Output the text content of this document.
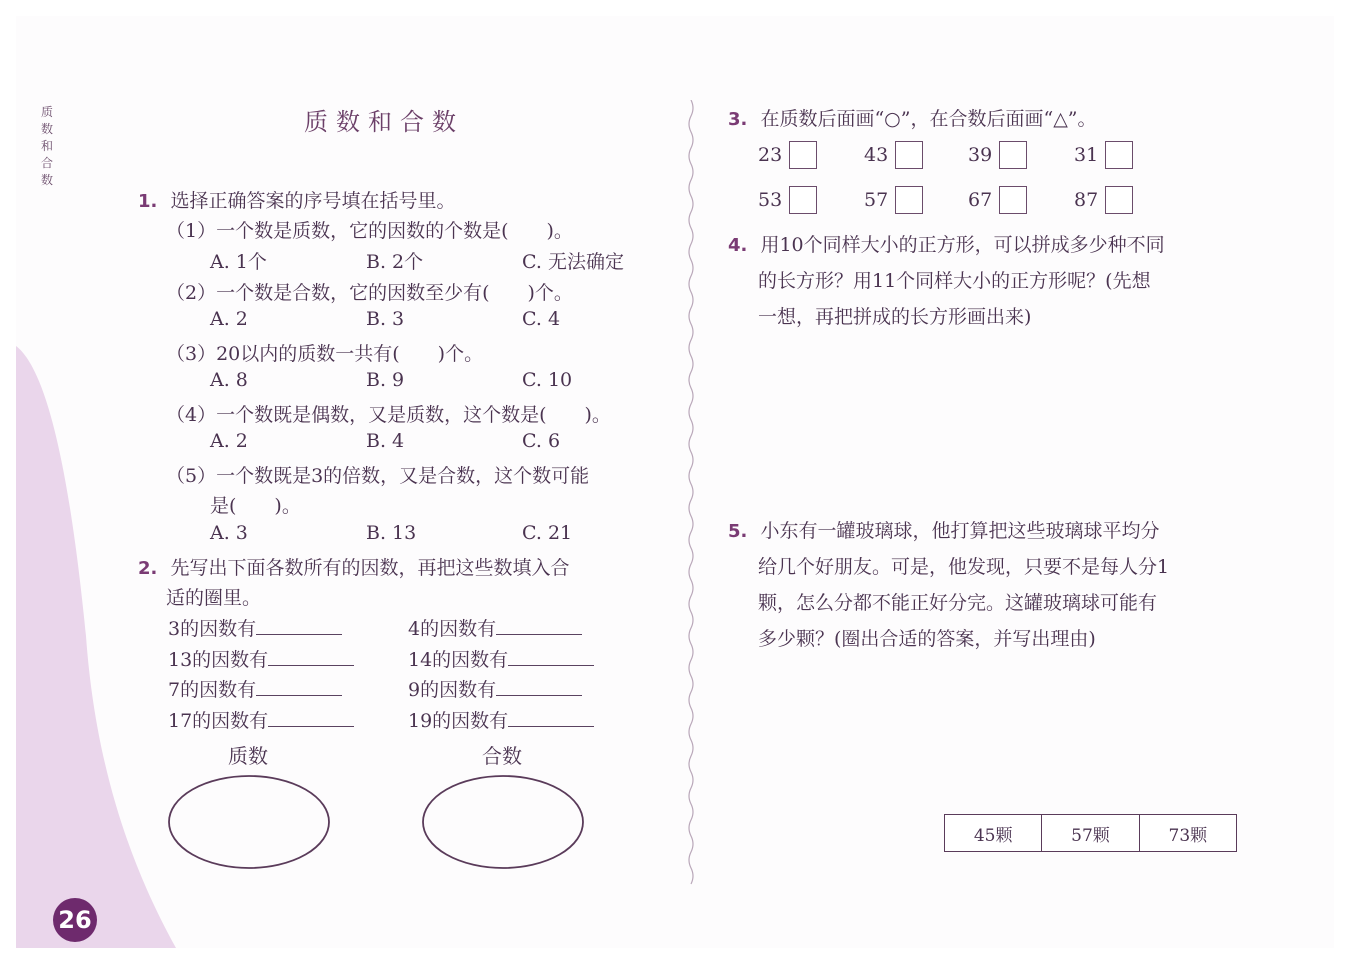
质数和合数
质数和合数
1. 选择正确答案的序号填在括号里。
（1）一个数是质数，它的因数的个数是(　　)。
A. 1个	B. 2个	C. 无法确定
（2）一个数是合数，它的因数至少有(　　)个。
A. 2	B. 3	C. 4
（3）20以内的质数一共有(　　)个。
A. 8	B. 9	C. 10
（4）一个数既是偶数，又是质数，这个数是(　　)。
A. 2	B. 4	C. 6
（5）一个数既是3的倍数，又是合数，这个数可能
是(　　)。
A. 3	B. 13	C. 21
2. 先写出下面各数所有的因数，再把这些数填入合
适的圈里。
3的因数有	4的因数有
13的因数有	14的因数有
7的因数有	9的因数有
17的因数有	19的因数有
质数	合数
3. 在质数后面画“○”，在合数后面画“△”。
23	43	39	31
53	57	67	87
4. 用10个同样大小的正方形，可以拼成多少种不同
的长方形？用11个同样大小的正方形呢？(先想
一想，再把拼成的长方形画出来)
5. 小东有一罐玻璃球，他打算把这些玻璃球平均分
给几个好朋友。可是，他发现，只要不是每人分1
颗，怎么分都不能正好分完。这罐玻璃球可能有
多少颗？(圈出合适的答案，并写出理由)
45颗	57颗	73颗
26
